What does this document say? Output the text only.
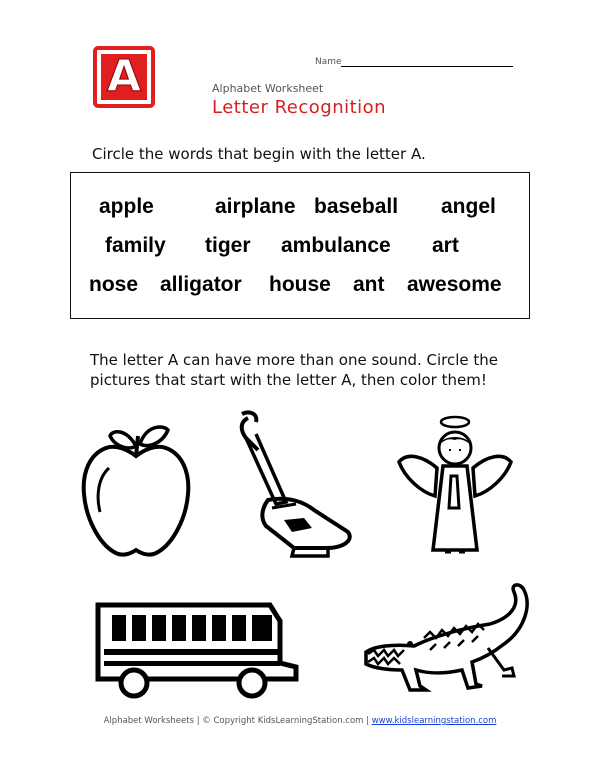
A	Name
Alphabet Worksheet
Letter Recognition
Circle the words that begin with the letter A.
apple	airplane baseball angel
family tiger ambulance art
nose alligator house ant awesome
The letter A can have more than one sound. Circle the pictures that start with the letter A, then color them!
Alphabet Worksheets | © Copyright KidsLearningStation.com | www.kidslearningstation.com
